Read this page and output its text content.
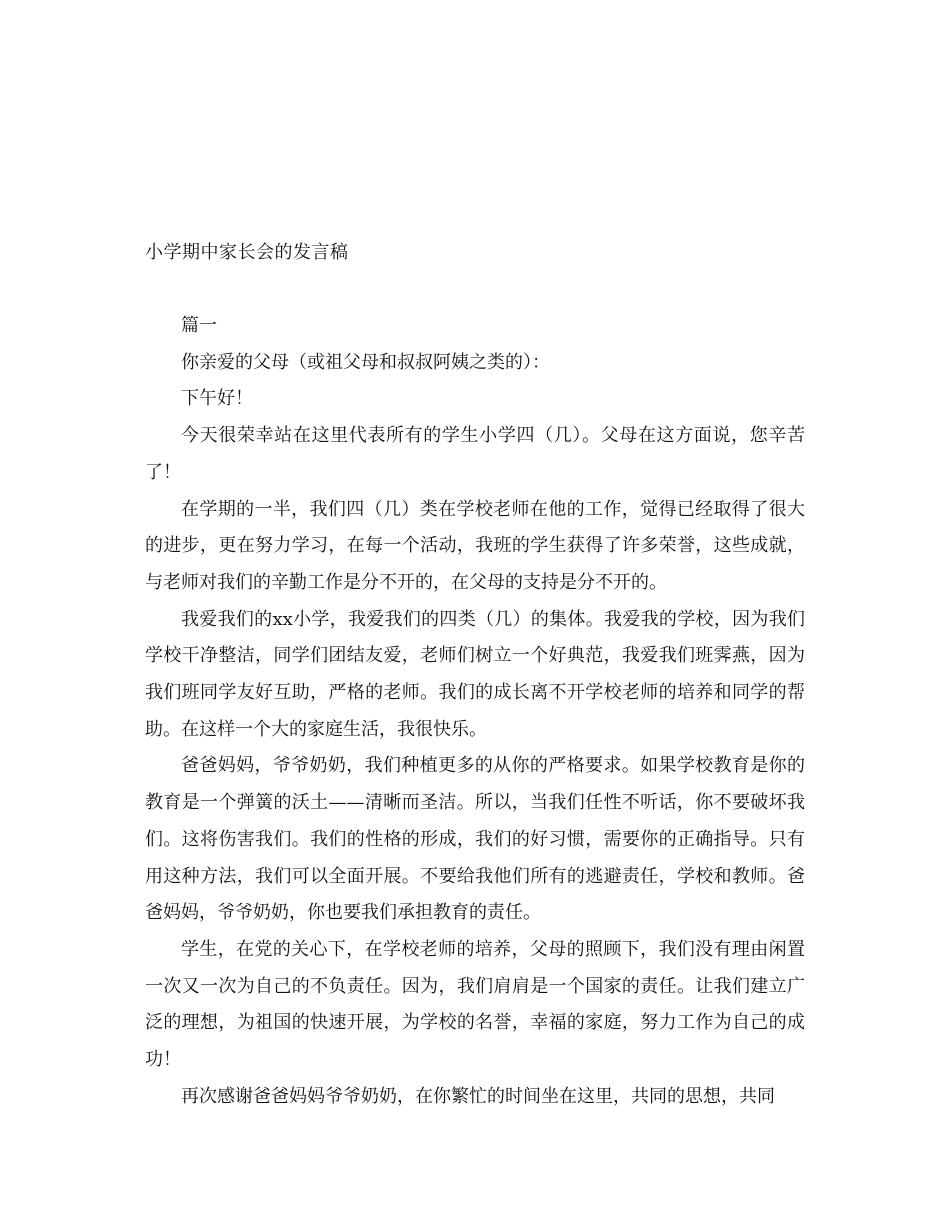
小学期中家长会的发言稿

篇一

你亲爱的父母（或祖父母和叔叔阿姨之类的）：

下午好！

今天很荣幸站在这里代表所有的学生小学四（几）。父母在这方面说，您辛苦了！

在学期的一半，我们四（几）类在学校老师在他的工作，觉得已经取得了很大的进步，更在努力学习，在每一个活动，我班的学生获得了许多荣誉，这些成就，与老师对我们的辛勤工作是分不开的，在父母的支持是分不开的。

我爱我们的xx小学，我爱我们的四类（几）的集体。我爱我的学校，因为我们学校干净整洁，同学们团结友爱，老师们树立一个好典范，我爱我们班霁燕，因为我们班同学友好互助，严格的老师。我们的成长离不开学校老师的培养和同学的帮助。在这样一个大的家庭生活，我很快乐。

爸爸妈妈，爷爷奶奶，我们种植更多的从你的严格要求。如果学校教育是你的教育是一个弹簧的沃土——清晰而圣洁。所以，当我们任性不听话，你不要破坏我们。这将伤害我们。我们的性格的形成，我们的好习惯，需要你的正确指导。只有用这种方法，我们可以全面开展。不要给我他们所有的逃避责任，学校和教师。爸爸妈妈，爷爷奶奶，你也要我们承担教育的责任。

学生，在党的关心下，在学校老师的培养，父母的照顾下，我们没有理由闲置一次又一次为自己的不负责任。因为，我们肩肩是一个国家的责任。让我们建立广泛的理想，为祖国的快速开展，为学校的名誉，幸福的家庭，努力工作为自己的成功！

再次感谢爸爸妈妈爷爷奶奶，在你繁忙的时间坐在这里，共同的思想，共同
